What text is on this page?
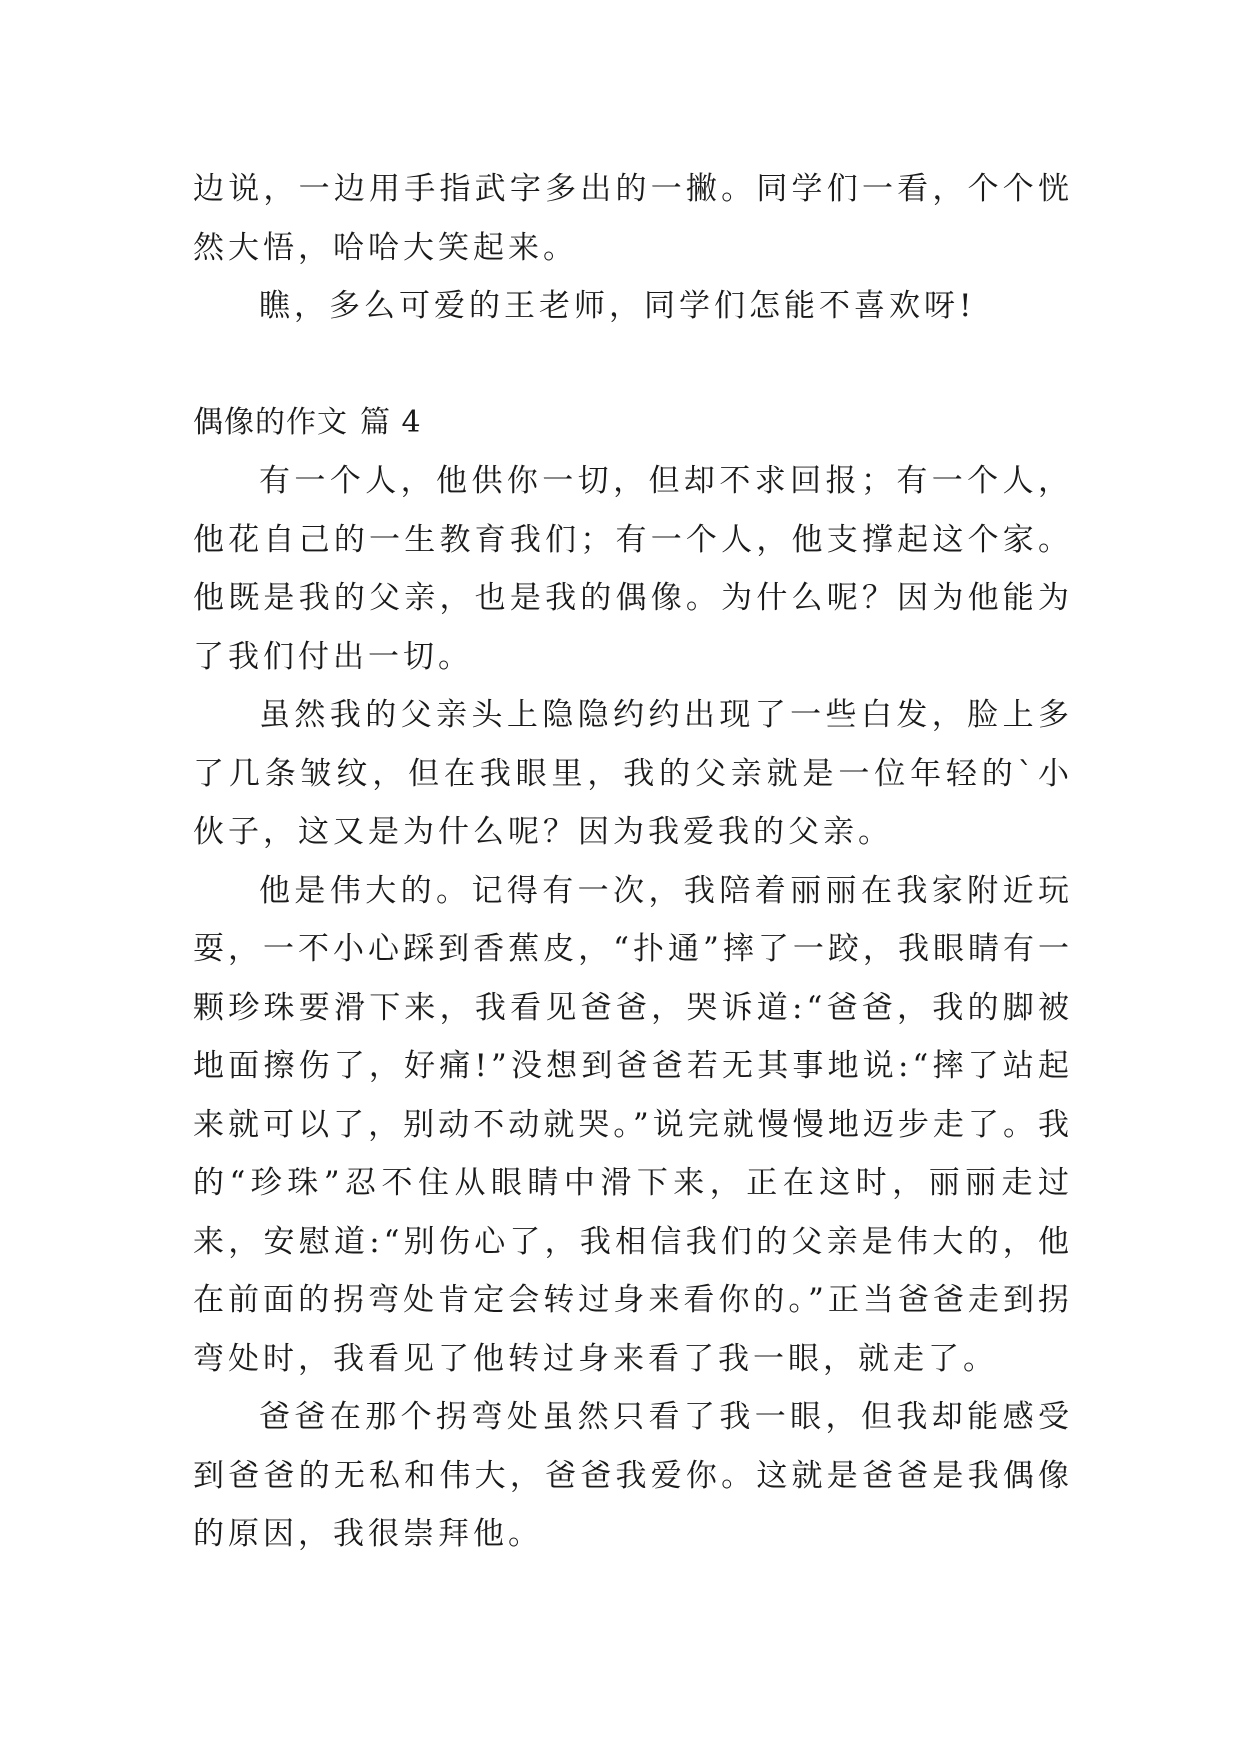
边说，一边用手指武字多出的一撇。同学们一看，个个恍然大悟，哈哈大笑起来。

瞧，多么可爱的王老师，同学们怎能不喜欢呀!

偶像的作文 篇 4

有一个人，他供你一切，但却不求回报；有一个人，他花自己的一生教育我们；有一个人，他支撑起这个家。他既是我的父亲，也是我的偶像。为什么呢？因为他能为了我们付出一切。

虽然我的父亲头上隐隐约约出现了一些白发，脸上多了几条皱纹，但在我眼里，我的父亲就是一位年轻的`小伙子，这又是为什么呢？因为我爱我的父亲。

他是伟大的。记得有一次，我陪着丽丽在我家附近玩耍，一不小心踩到香蕉皮，“扑通”摔了一跤，我眼睛有一颗珍珠要滑下来，我看见爸爸，哭诉道:“爸爸，我的脚被地面擦伤了，好痛!”没想到爸爸若无其事地说:“摔了站起来就可以了，别动不动就哭。”说完就慢慢地迈步走了。我的“珍珠”忍不住从眼睛中滑下来，正在这时，丽丽走过来，安慰道:“别伤心了，我相信我们的父亲是伟大的，他在前面的拐弯处肯定会转过身来看你的。”正当爸爸走到拐弯处时，我看见了他转过身来看了我一眼，就走了。

爸爸在那个拐弯处虽然只看了我一眼，但我却能感受到爸爸的无私和伟大，爸爸我爱你。这就是爸爸是我偶像的原因，我很崇拜他。
